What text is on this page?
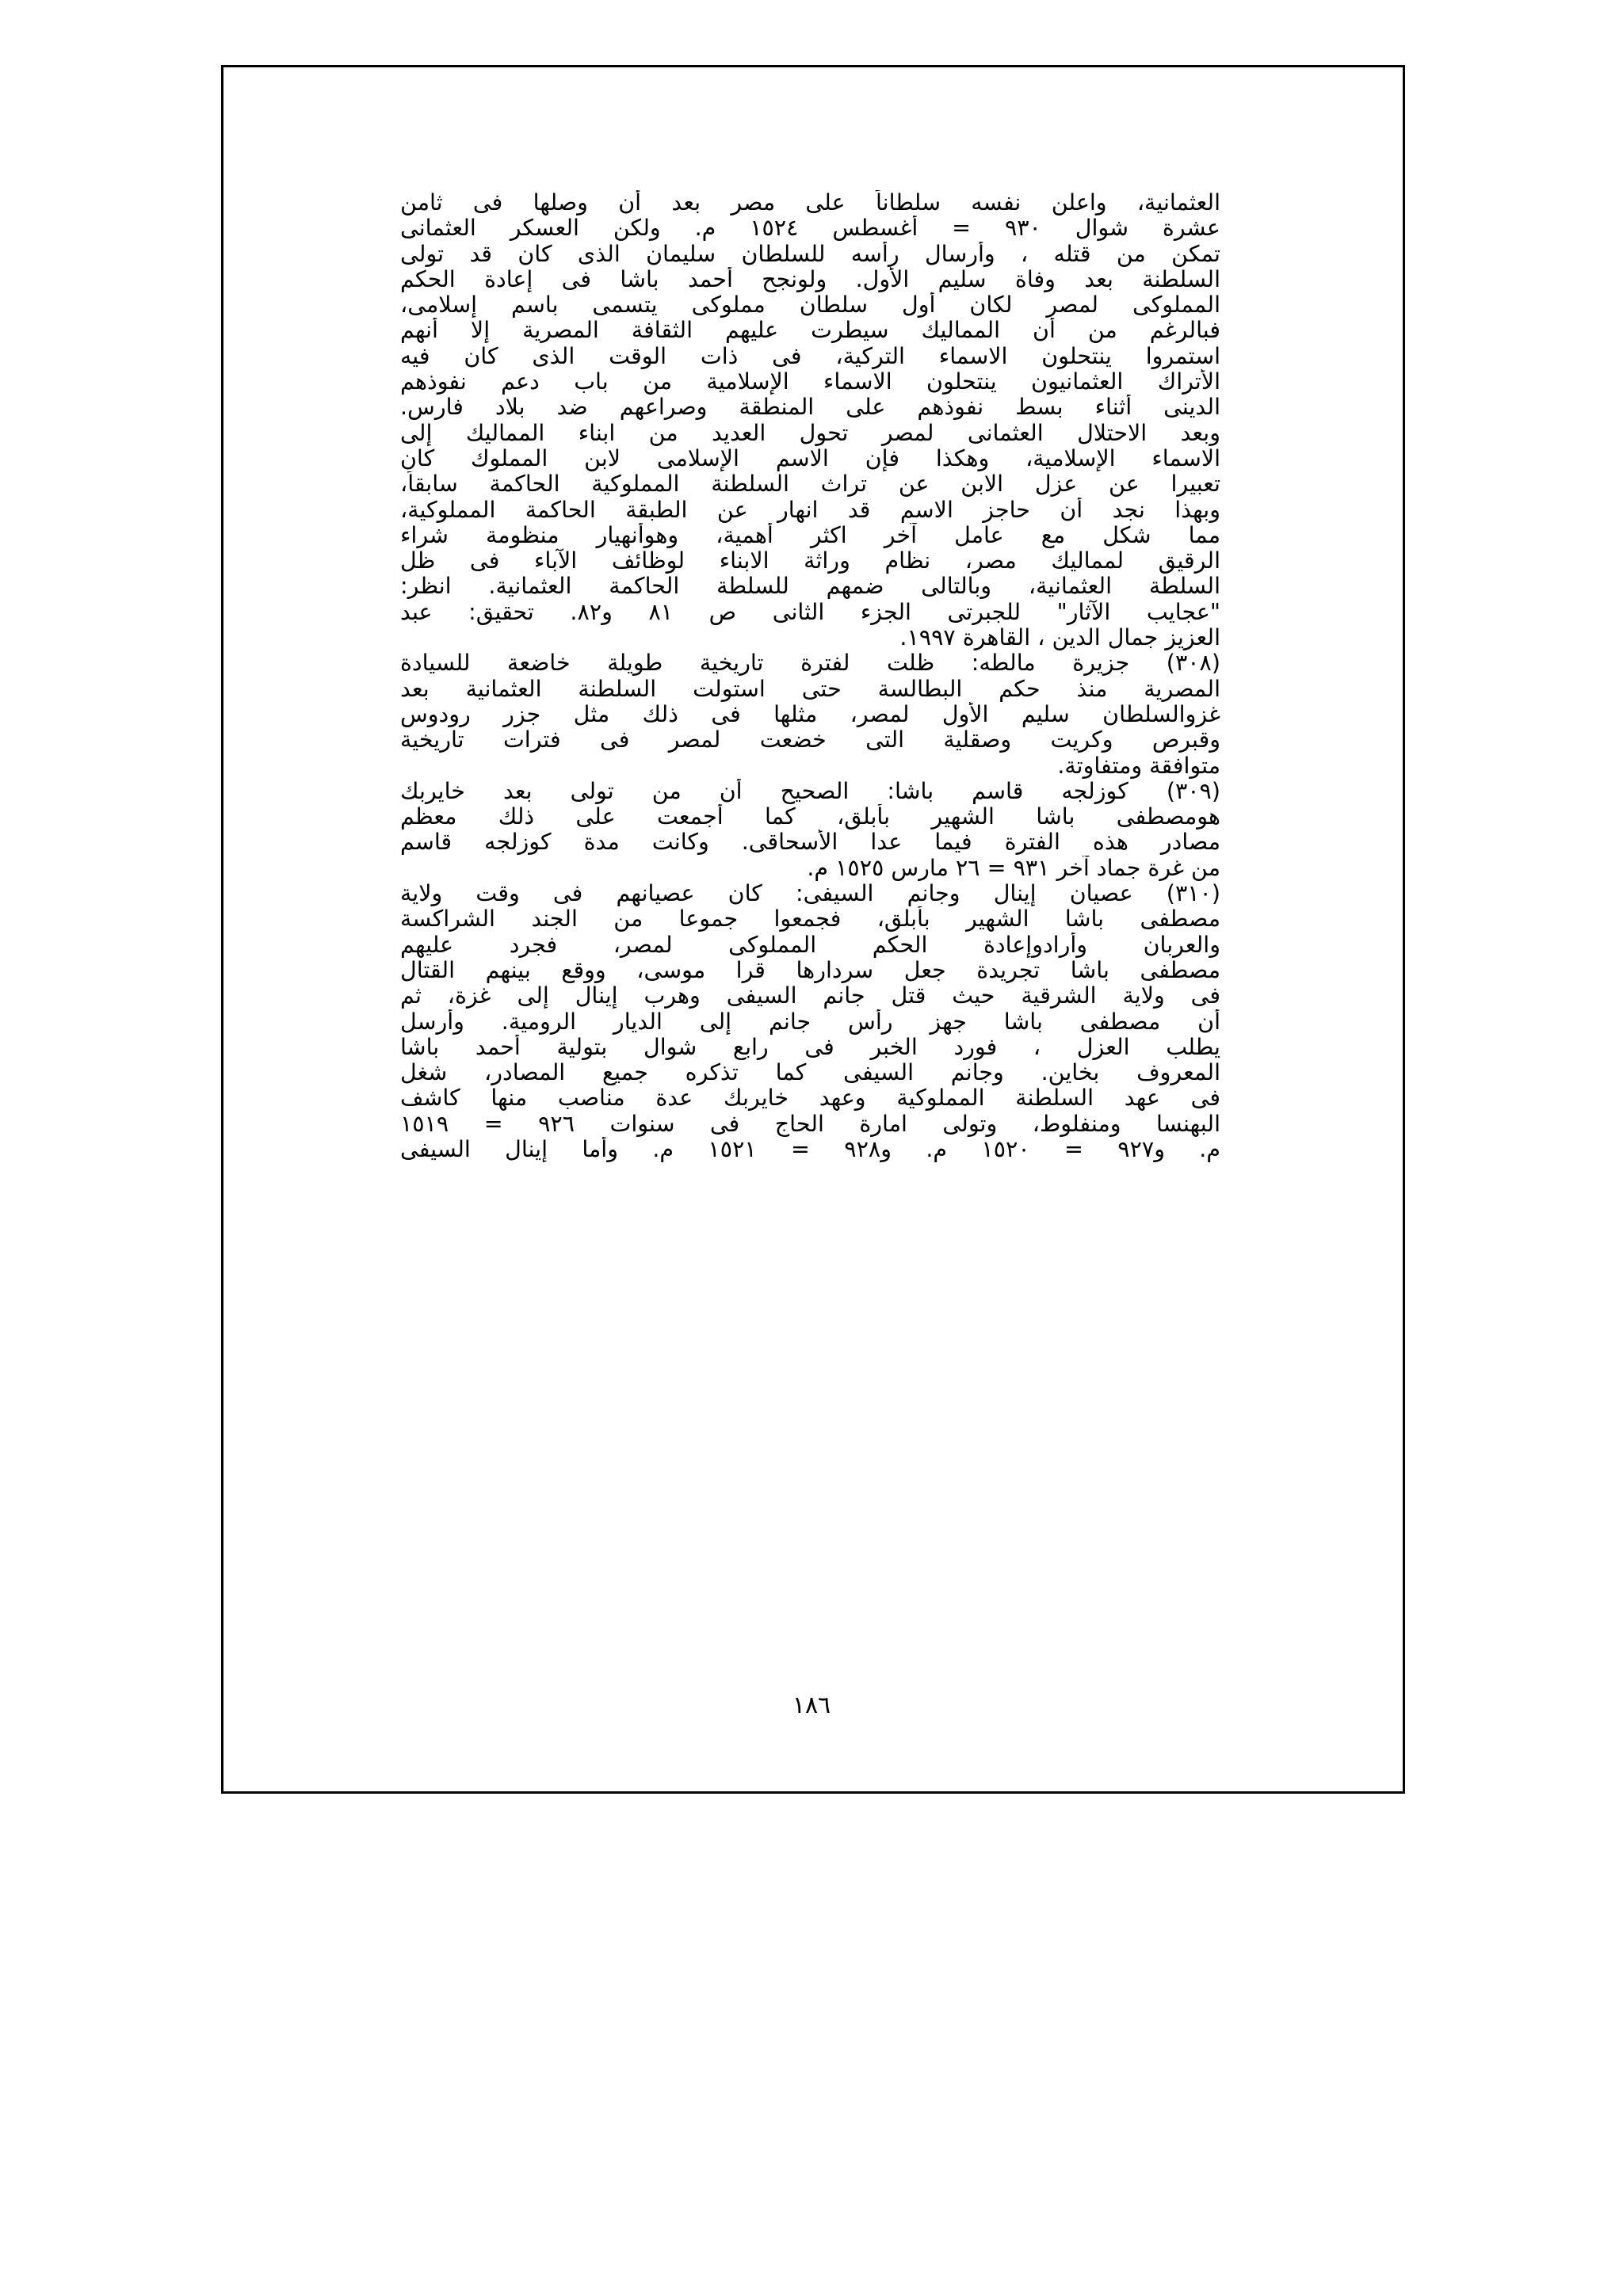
العثمانية، واعلن نفسه سلطاناً على مصر بعد أن وصلها فى ثامن
عشرة شوال ٩٣٠ = أغسطس ١٥٢٤ م. ولكن العسكر العثمانى
تمكن من قتله ، وأرسال رأسه للسلطان سليمان الذى كان قد تولى
السلطنة بعد وفاة سليم الأول. ولونجح أحمد باشا فى إعادة الحكم
المملوكى لمصر لكان أول سلطان مملوكى يتسمى باسم إسلامى،
فبالرغم من أن المماليك سيطرت عليهم الثقافة المصرية إلا أنهم
استمروا ينتحلون الاسماء التركية، فى ذات الوقت الذى كان فيه
الأتراك العثمانيون ينتحلون الاسماء الإسلامية من باب دعم نفوذهم
الدينى أثناء بسط نفوذهم على المنطقة وصراعهم ضد بلاد فارس.
وبعد الاحتلال العثمانى لمصر تحول العديد من ابناء المماليك إلى
الاسماء الإسلامية، وهكذا فإن الاسم الإسلامى لابن المملوك كان
تعبيرا عن عزل الابن عن تراث السلطنة المملوكية الحاكمة سابقاً،
وبهذا نجد أن حاجز الاسم قد انهار عن الطبقة الحاكمة المملوكية،
مما شكل مع عامل آخر اكثر أهمية، وهوأنهيار منظومة شراء
الرقيق لمماليك مصر، نظام وراثة الابناء لوظائف الآباء فى ظل
السلطة العثمانية، وبالتالى ضمهم للسلطة الحاكمة العثمانية. انظر:
"عجايب الآثار" للجبرتى الجزء الثانى ص ٨١ و٨٢. تحقيق: عبد
العزيز جمال الدين ، القاهرة ١٩٩٧.
(٣٠٨) جزيرة مالطه: ظلت لفترة تاريخية طويلة خاضعة للسيادة
المصرية منذ حكم البطالسة حتى استولت السلطنة العثمانية بعد
غزوالسلطان سليم الأول لمصر، مثلها فى ذلك مثل جزر رودوس
وقبرص وكريت وصقلية التى خضعت لمصر فى فترات تاريخية
متوافقة ومتفاوتة.
(٣٠٩) كوزلجه قاسم باشا: الصحيح أن من تولى بعد خايربك
هومصطفى باشا الشهير بأبلق، كما أجمعت على ذلك معظم
مصادر هذه الفترة فيما عدا الأسحاقى. وكانت مدة كوزلجه قاسم
من غرة جماد آخر ٩٣١ = ٢٦ مارس ١٥٢٥ م.
(٣١٠) عصيان إينال وجانم السيفى: كان عصيانهم فى وقت ولاية
مصطفى باشا الشهير بأبلق، فجمعوا جموعا من الجند الشراكسة
والعربان وأرادوإعادة الحكم المملوكى لمصر، فجرد عليهم
مصطفى باشا تجريدة جعل سردارها قرا موسى، ووقع بينهم القتال
فى ولاية الشرقية حيث قتل جانم السيفى وهرب إينال إلى غزة، ثم
أن مصطفى باشا جهز رأس جانم إلى الديار الرومية. وأرسل
يطلب العزل ، فورد الخبر فى رابع شوال بتولية أحمد باشا
المعروف بخاين. وجانم السيفى كما تذكره جميع المصادر، شغل
فى عهد السلطنة المملوكية وعهد خايربك عدة مناصب منها كاشف
البهنسا ومنفلوط، وتولى امارة الحاج فى سنوات ٩٢٦ = ١٥١٩
م. و٩٢٧ = ١٥٢٠ م. و٩٢٨ = ١٥٢١ م. وأما إينال السيفى
١٨٦
